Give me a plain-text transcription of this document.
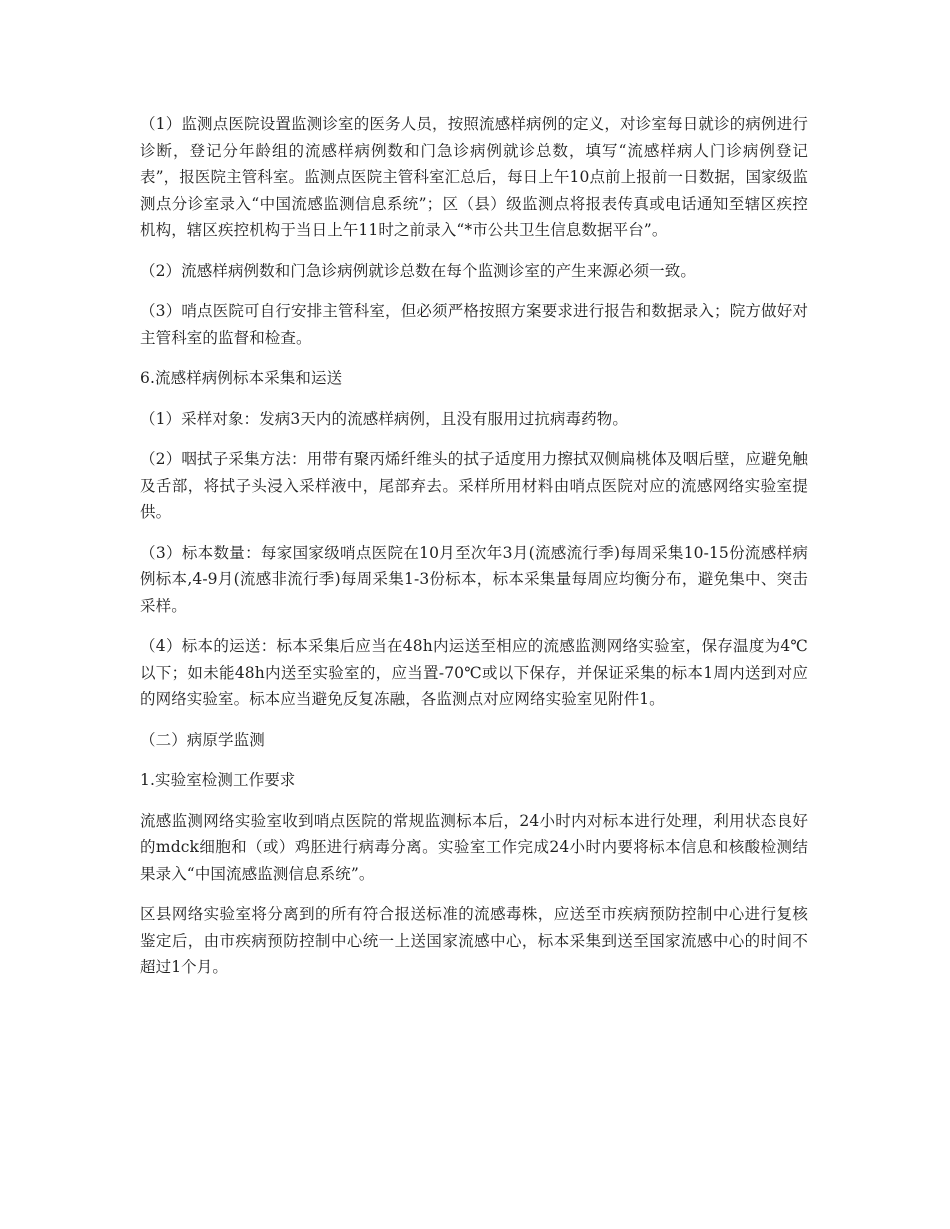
（1）监测点医院设置监测诊室的医务人员，按照流感样病例的定义，对诊室每日就诊的病例进行诊断，登记分年龄组的流感样病例数和门急诊病例就诊总数，填写“流感样病人门诊病例登记表”，报医院主管科室。监测点医院主管科室汇总后，每日上午10点前上报前一日数据，国家级监测点分诊室录入“中国流感监测信息系统”；区（县）级监测点将报表传真或电话通知至辖区疾控机构，辖区疾控机构于当日上午11时之前录入“*市公共卫生信息数据平台”。

（2）流感样病例数和门急诊病例就诊总数在每个监测诊室的产生来源必须一致。

（3）哨点医院可自行安排主管科室，但必须严格按照方案要求进行报告和数据录入；院方做好对主管科室的监督和检查。

6.流感样病例标本采集和运送

（1）采样对象：发病3天内的流感样病例，且没有服用过抗病毒药物。

（2）咽拭子采集方法：用带有聚丙烯纤维头的拭子适度用力擦拭双侧扁桃体及咽后壁，应避免触及舌部，将拭子头浸入采样液中，尾部弃去。采样所用材料由哨点医院对应的流感网络实验室提供。

（3）标本数量：每家国家级哨点医院在10月至次年3月(流感流行季)每周采集10-15份流感样病例标本,4-9月(流感非流行季)每周采集1-3份标本，标本采集量每周应均衡分布，避免集中、突击采样。

（4）标本的运送：标本采集后应当在48h内运送至相应的流感监测网络实验室，保存温度为4℃以下；如未能48h内送至实验室的，应当置-70℃或以下保存，并保证采集的标本1周内送到对应的网络实验室。标本应当避免反复冻融，各监测点对应网络实验室见附件1。

（二）病原学监测

1.实验室检测工作要求

流感监测网络实验室收到哨点医院的常规监测标本后，24小时内对标本进行处理，利用状态良好的mdck细胞和（或）鸡胚进行病毒分离。实验室工作完成24小时内要将标本信息和核酸检测结果录入“中国流感监测信息系统”。

区县网络实验室将分离到的所有符合报送标准的流感毒株，应送至市疾病预防控制中心进行复核鉴定后，由市疾病预防控制中心统一上送国家流感中心，标本采集到送至国家流感中心的时间不超过1个月。
